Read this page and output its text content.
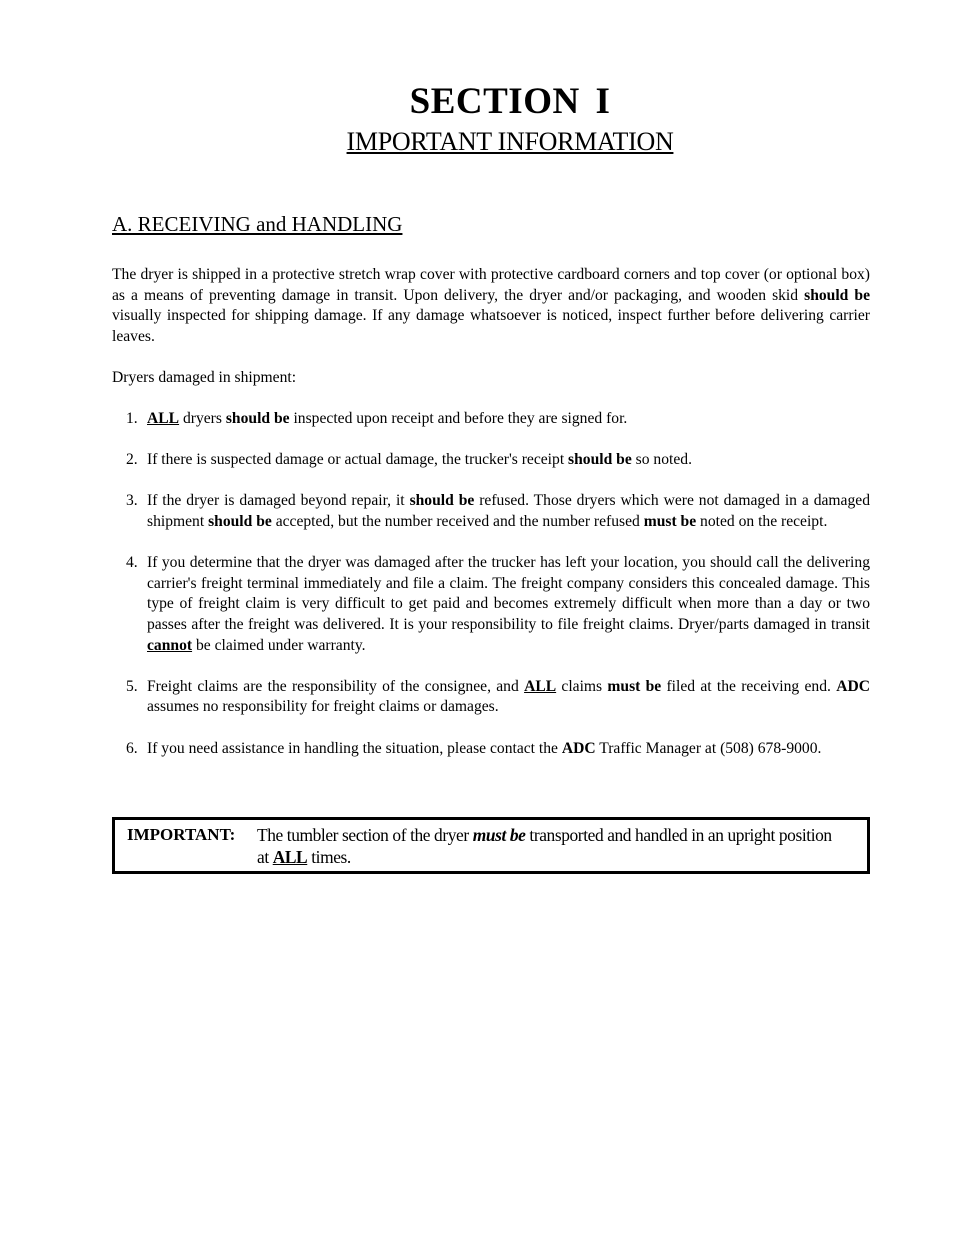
SECTION I
IMPORTANT INFORMATION
A. RECEIVING and HANDLING
The dryer is shipped in a protective stretch wrap cover with protective cardboard corners and top cover (or optional box) as a means of preventing damage in transit. Upon delivery, the dryer and/or packaging, and wooden skid should be visually inspected for shipping damage. If any damage whatsoever is noticed, inspect further before delivering carrier leaves.
Dryers damaged in shipment:
1. ALL dryers should be inspected upon receipt and before they are signed for.
2. If there is suspected damage or actual damage, the trucker's receipt should be so noted.
3. If the dryer is damaged beyond repair, it should be refused. Those dryers which were not damaged in a damaged shipment should be accepted, but the number received and the number refused must be noted on the receipt.
4. If you determine that the dryer was damaged after the trucker has left your location, you should call the delivering carrier's freight terminal immediately and file a claim. The freight company considers this concealed damage. This type of freight claim is very difficult to get paid and becomes extremely difficult when more than a day or two passes after the freight was delivered. It is your responsibility to file freight claims. Dryer/parts damaged in transit cannot be claimed under warranty.
5. Freight claims are the responsibility of the consignee, and ALL claims must be filed at the receiving end. ADC assumes no responsibility for freight claims or damages.
6. If you need assistance in handling the situation, please contact the ADC Traffic Manager at (508) 678-9000.
IMPORTANT: The tumbler section of the dryer must be transported and handled in an upright position at ALL times.
